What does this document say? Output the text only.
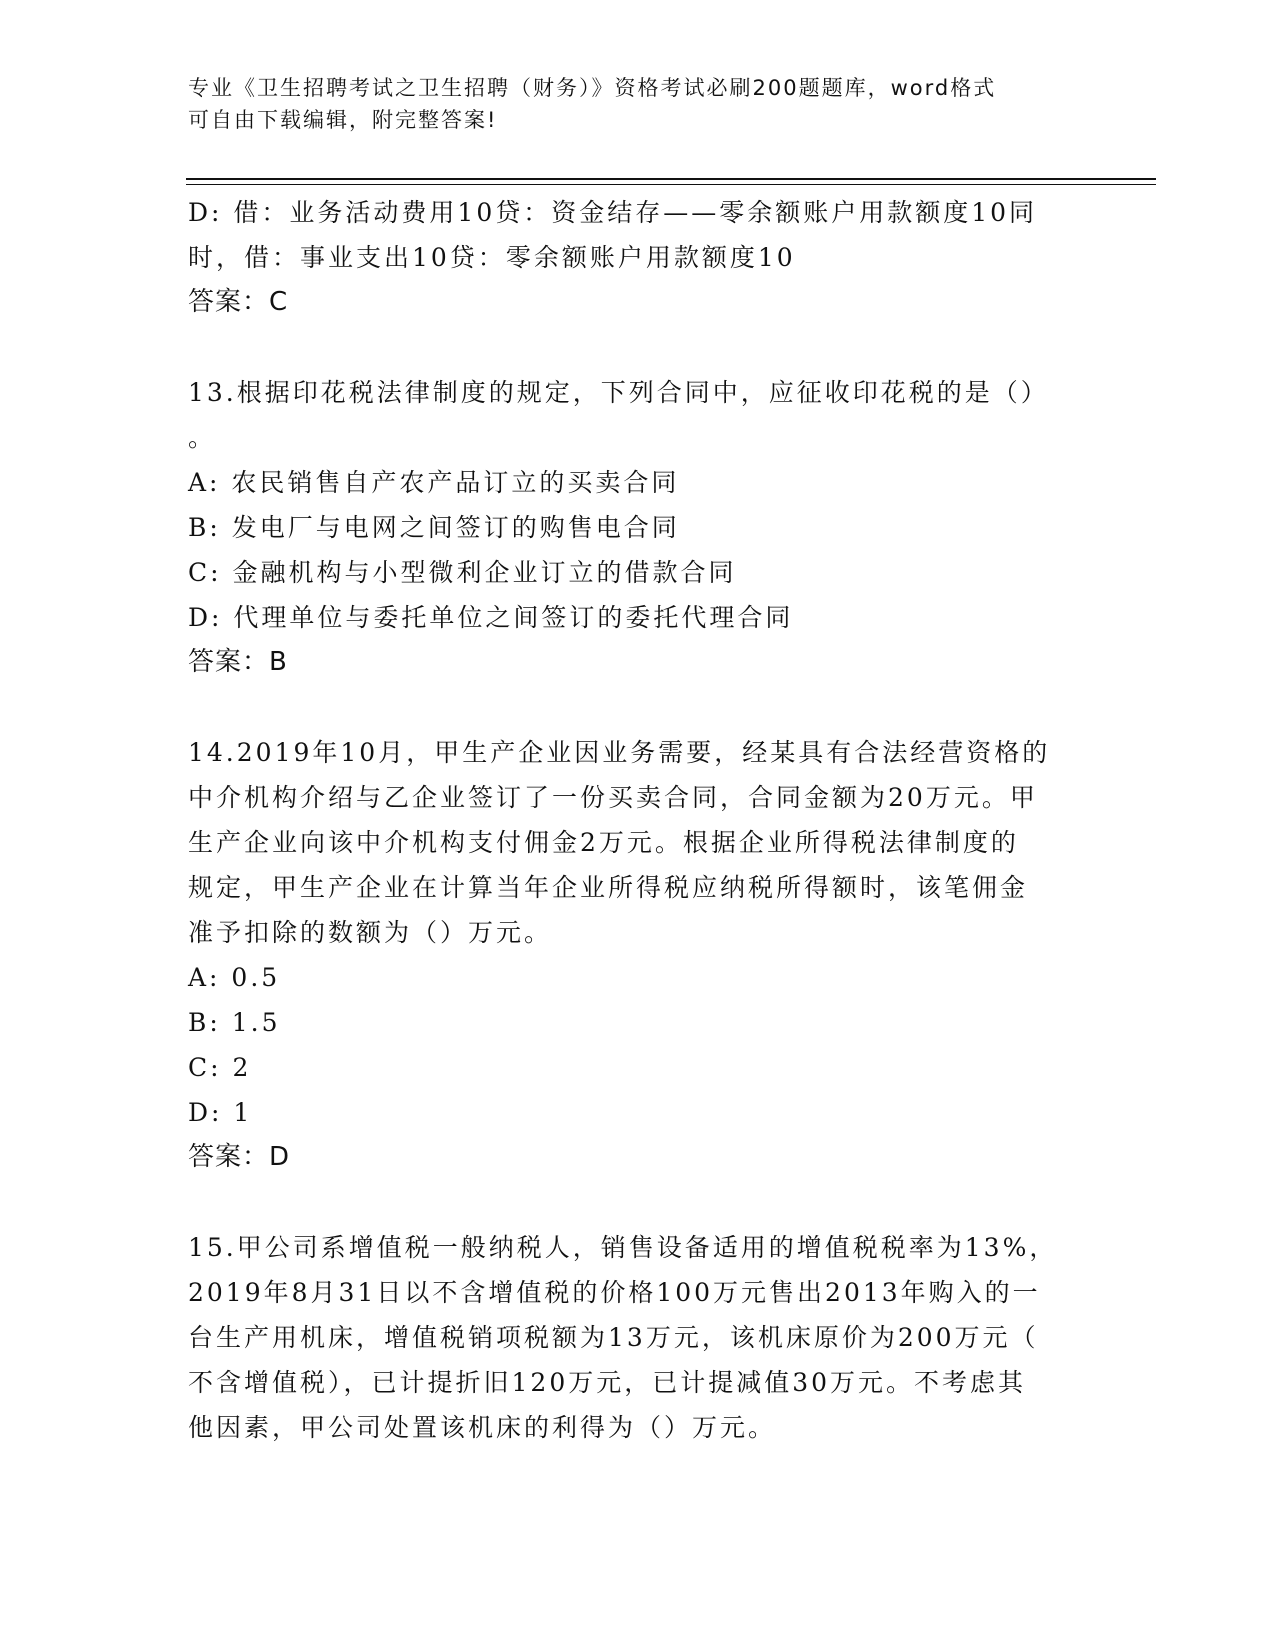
专业《卫生招聘考试之卫生招聘（财务）》资格考试必刷200题题库，word格式
可自由下载编辑，附完整答案!

D: 借：业务活动费用10贷：资金结存——零余额账户用款额度10同

时，借：事业支出10贷：零余额账户用款额度10

答案：C

13.根据印花税法律制度的规定，下列合同中，应征收印花税的是（）

。

A: 农民销售自产农产品订立的买卖合同

B: 发电厂与电网之间签订的购售电合同

C: 金融机构与小型微利企业订立的借款合同

D: 代理单位与委托单位之间签订的委托代理合同

答案：B

14.2019年10月，甲生产企业因业务需要，经某具有合法经营资格的

中介机构介绍与乙企业签订了一份买卖合同，合同金额为20万元。甲

生产企业向该中介机构支付佣金2万元。根据企业所得税法律制度的

规定，甲生产企业在计算当年企业所得税应纳税所得额时，该笔佣金

准予扣除的数额为（）万元。

A: 0.5

B: 1.5

C: 2

D: 1

答案：D

15.甲公司系增值税一般纳税人，销售设备适用的增值税税率为13%，

2019年8月31日以不含增值税的价格100万元售出2013年购入的一

台生产用机床，增值税销项税额为13万元，该机床原价为200万元（

不含增值税），已计提折旧120万元，已计提减值30万元。不考虑其

他因素，甲公司处置该机床的利得为（）万元。
